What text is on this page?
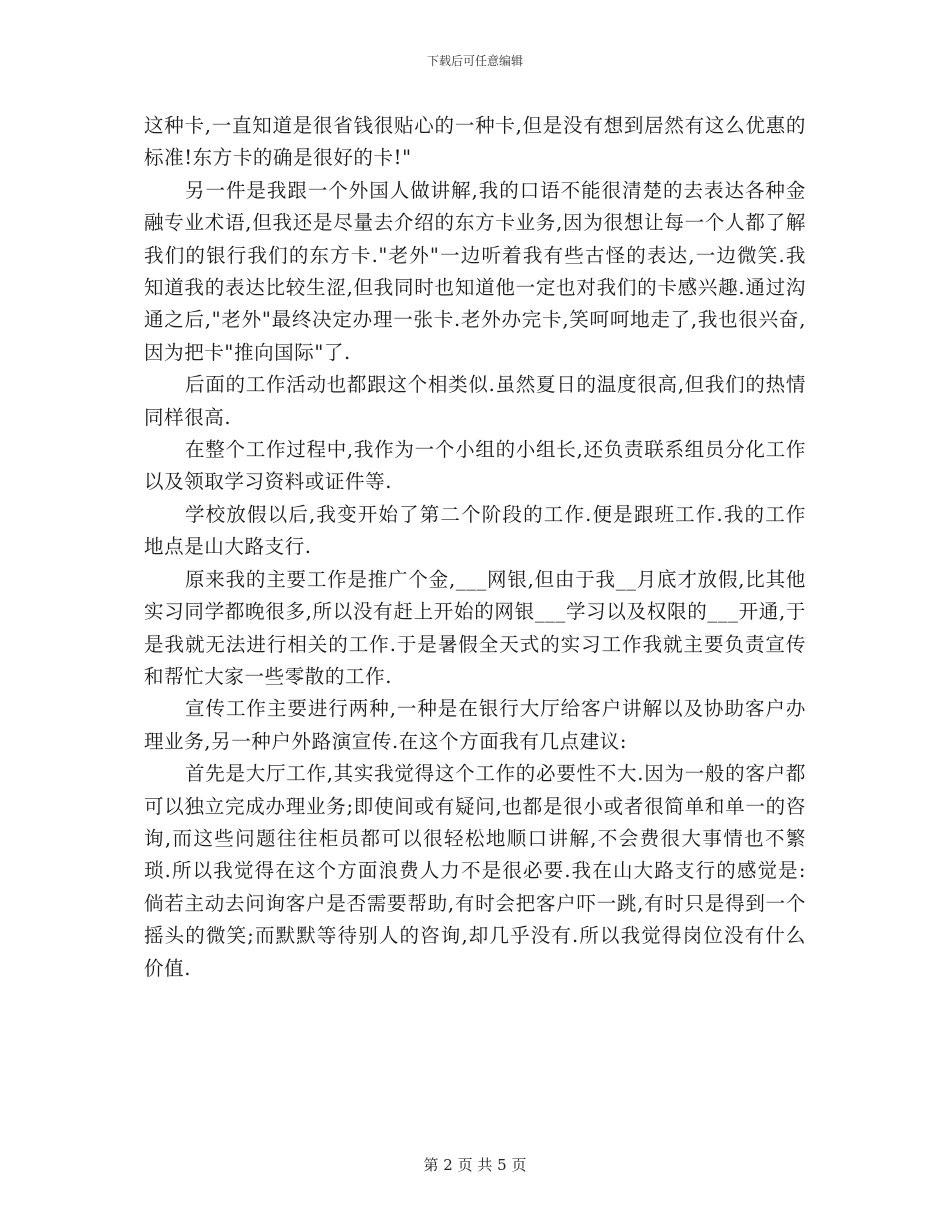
下载后可任意编辑

这种卡,一直知道是很省钱很贴心的一种卡,但是没有想到居然有这么优惠的标准!东方卡的确是很好的卡!"

另一件是我跟一个外国人做讲解,我的口语不能很清楚的去表达各种金融专业术语,但我还是尽量去介绍的东方卡业务,因为很想让每一个人都了解我们的银行我们的东方卡."老外"一边听着我有些古怪的表达,一边微笑.我知道我的表达比较生涩,但我同时也知道他一定也对我们的卡感兴趣.通过沟通之后,"老外"最终决定办理一张卡.老外办完卡,笑呵呵地走了,我也很兴奋,因为把卡"推向国际"了.

后面的工作活动也都跟这个相类似.虽然夏日的温度很高,但我们的热情同样很高.

在整个工作过程中,我作为一个小组的小组长,还负责联系组员分化工作以及领取学习资料或证件等.

学校放假以后,我变开始了第二个阶段的工作.便是跟班工作.我的工作地点是山大路支行.

原来我的主要工作是推广个金,___网银,但由于我__月底才放假,比其他实习同学都晚很多,所以没有赶上开始的网银___学习以及权限的___开通,于是我就无法进行相关的工作.于是暑假全天式的实习工作我就主要负责宣传和帮忙大家一些零散的工作.

宣传工作主要进行两种,一种是在银行大厅给客户讲解以及协助客户办理业务,另一种户外路演宣传.在这个方面我有几点建议:

首先是大厅工作,其实我觉得这个工作的必要性不大.因为一般的客户都可以独立完成办理业务;即使间或有疑问,也都是很小或者很简单和单一的咨询,而这些问题往往柜员都可以很轻松地顺口讲解,不会费很大事情也不繁琐.所以我觉得在这个方面浪费人力不是很必要.我在山大路支行的感觉是:倘若主动去问询客户是否需要帮助,有时会把客户吓一跳,有时只是得到一个摇头的微笑;而默默等待别人的咨询,却几乎没有.所以我觉得岗位没有什么价值.

第 2 页 共 5 页
